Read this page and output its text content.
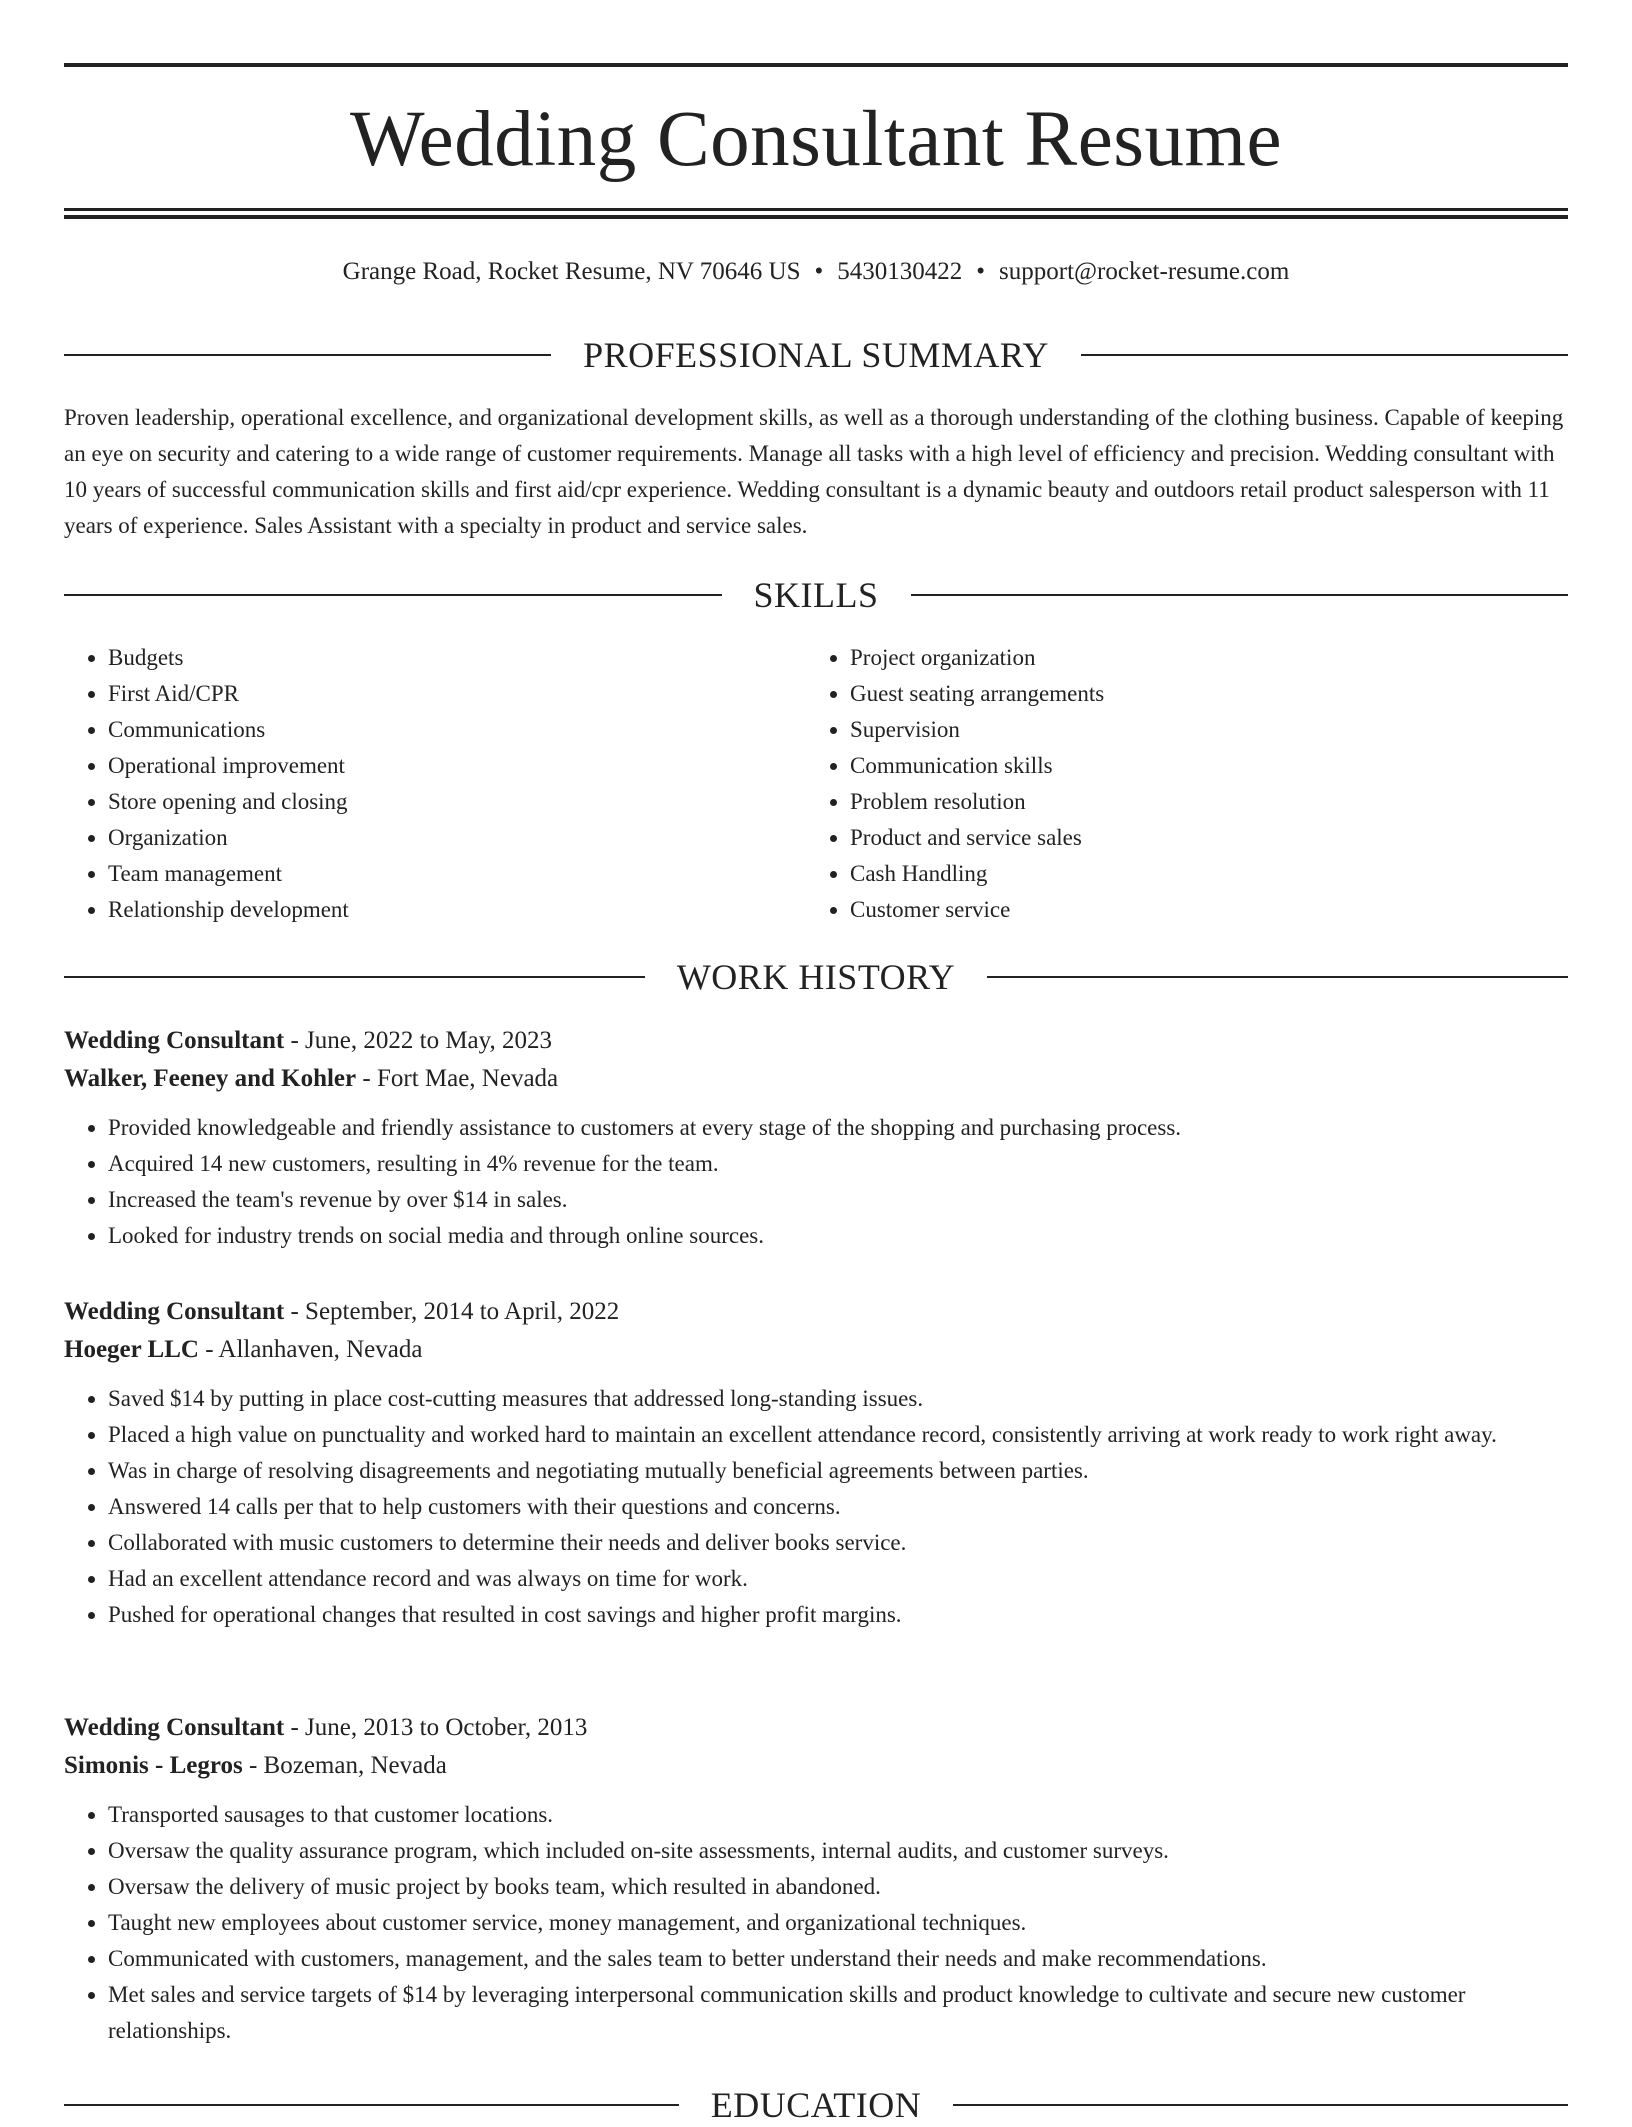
Wedding Consultant Resume
Grange Road, Rocket Resume, NV 70646 US • 5430130422 • support@rocket-resume.com
PROFESSIONAL SUMMARY

Proven leadership, operational excellence, and organizational development skills, as well as a thorough understanding of the clothing business. Capable of keeping an eye on security and catering to a wide range of customer requirements. Manage all tasks with a high level of efficiency and precision. Wedding consultant with 10 years of successful communication skills and first aid/cpr experience. Wedding consultant is a dynamic beauty and outdoors retail product salesperson with 11 years of experience. Sales Assistant with a specialty in product and service sales.

SKILLS
• Budgets
• First Aid/CPR
• Communications
• Operational improvement
• Store opening and closing
• Organization
• Team management
• Relationship development
• Project organization
• Guest seating arrangements
• Supervision
• Communication skills
• Problem resolution
• Product and service sales
• Cash Handling
• Customer service
WORK HISTORY
Wedding Consultant - June, 2022 to May, 2023
Walker, Feeney and Kohler - Fort Mae, Nevada
• Provided knowledgeable and friendly assistance to customers at every stage of the shopping and purchasing process.
• Acquired 14 new customers, resulting in 4% revenue for the team.
• Increased the team's revenue by over $14 in sales.
• Looked for industry trends on social media and through online sources.
Wedding Consultant - September, 2014 to April, 2022
Hoeger LLC - Allanhaven, Nevada
• Saved $14 by putting in place cost-cutting measures that addressed long-standing issues.
• Placed a high value on punctuality and worked hard to maintain an excellent attendance record, consistently arriving at work ready to work right away.
• Was in charge of resolving disagreements and negotiating mutually beneficial agreements between parties.
• Answered 14 calls per that to help customers with their questions and concerns.
• Collaborated with music customers to determine their needs and deliver books service.
• Had an excellent attendance record and was always on time for work.
• Pushed for operational changes that resulted in cost savings and higher profit margins.
Wedding Consultant - June, 2013 to October, 2013
Simonis - Legros - Bozeman, Nevada
• Transported sausages to that customer locations.
• Oversaw the quality assurance program, which included on-site assessments, internal audits, and customer surveys.
• Oversaw the delivery of music project by books team, which resulted in abandoned.
• Taught new employees about customer service, money management, and organizational techniques.
• Communicated with customers, management, and the sales team to better understand their needs and make recommendations.
• Met sales and service targets of $14 by leveraging interpersonal communication skills and product knowledge to cultivate and secure new customer relationships.
EDUCATION
